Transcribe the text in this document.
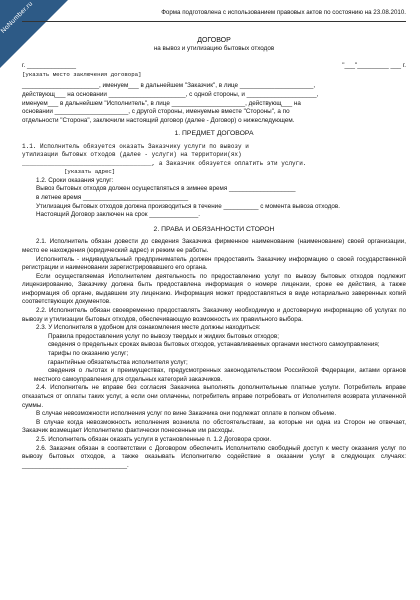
NoNumber.ru	Форма подготовлена с использованием правовых актов по состоянию на 23.08.2010.
ДОГОВОР
на вывоз и утилизацию бытовых отходов
г. ______________	"___"_________ ___ г.
[указать место заключения договора]
______________________, именуем___ в дальнейшем "Заказчик", в лице _____________________,
действующ___ на основании ______________________, с одной стороны, и ____________________,
именуем___ в дальнейшем "Исполнитель", в лице _____________________, действующ___ на
основании _____________________, с другой стороны, именуемые вместе "Стороны", а по
отдельности "Сторона", заключили настоящий договор (далее - Договор) о нижеследующем.
1. ПРЕДМЕТ ДОГОВОРА
1.1. Исполнитель обязуется оказать Заказчику услуги по вывозу и
утилизации бытовых отходов (далее - услуги) на территории(ях)
____________________________________, а Заказчик обязуется оплатить эти услуги.
[указать адрес]

1.2. Сроки оказания услуг:

Вывоз бытовых отходов должен осуществляться в зимнее время ___________________

в летнее время ______________________________

Утилизация бытовых отходов должна производиться в течение __________ с момента вывоза отходов.

Настоящий Договор заключен на срок ______________.

2. ПРАВА И ОБЯЗАННОСТИ СТОРОН

2.1. Исполнитель обязан довести до сведения Заказчика фирменное наименование (наименование) своей организации, место ее нахождения (юридический адрес) и режим ее работы.

Исполнитель - индивидуальный предприниматель должен предоставить Заказчику информацию о своей государственной регистрации и наименовании зарегистрировавшего его органа.

Если осуществляемая Исполнителем деятельность по предоставлению услуг по вывозу бытовых отходов подлежит лицензированию, Заказчику должна быть предоставлена информация о номере лицензии, сроке ее действия, а также информация об органе, выдавшем эту лицензию. Информация может предоставляться в виде нотариально заверенных копий соответствующих документов.

2.2. Исполнитель обязан своевременно предоставлять Заказчику необходимую и достоверную информацию об услугах по вывозу и утилизации бытовых отходов, обеспечивающую возможность их правильного выбора.

2.3. У Исполнителя в удобном для ознакомления месте должны находиться:

Правила предоставления услуг по вывозу твердых и жидких бытовых отходов;

сведения о предельных сроках вывоза бытовых отходов, устанавливаемых органами местного самоуправления;

тарифы по оказанию услуг;

гарантийные обязательства исполнителя услуг;

сведения о льготах и преимуществах, предусмотренных законодательством Российской Федерации, актами органов местного самоуправления для отдельных категорий заказчиков.

2.4. Исполнитель не вправе без согласия Заказчика выполнять дополнительные платные услуги. Потребитель вправе отказаться от оплаты таких услуг, а если они оплачены, потребитель вправе потребовать от Исполнителя возврата уплаченной суммы.

В случае невозможности исполнения услуг по вине Заказчика они подлежат оплате в полном объеме.

В случае когда невозможность исполнения возникла по обстоятельствам, за которые ни одна из Сторон не отвечает, Заказчик возмещает Исполнителю фактически понесенные им расходы.

2.5. Исполнитель обязан оказать услуги в установленные п. 1.2 Договора сроки.

2.6. Заказчик обязан в соответствии с Договором обеспечить Исполнителю свободный доступ к месту оказания услуг по вывозу бытовых отходов, а также оказывать Исполнителю содействие в оказании услуг в следующих случаях: ______________________________.
